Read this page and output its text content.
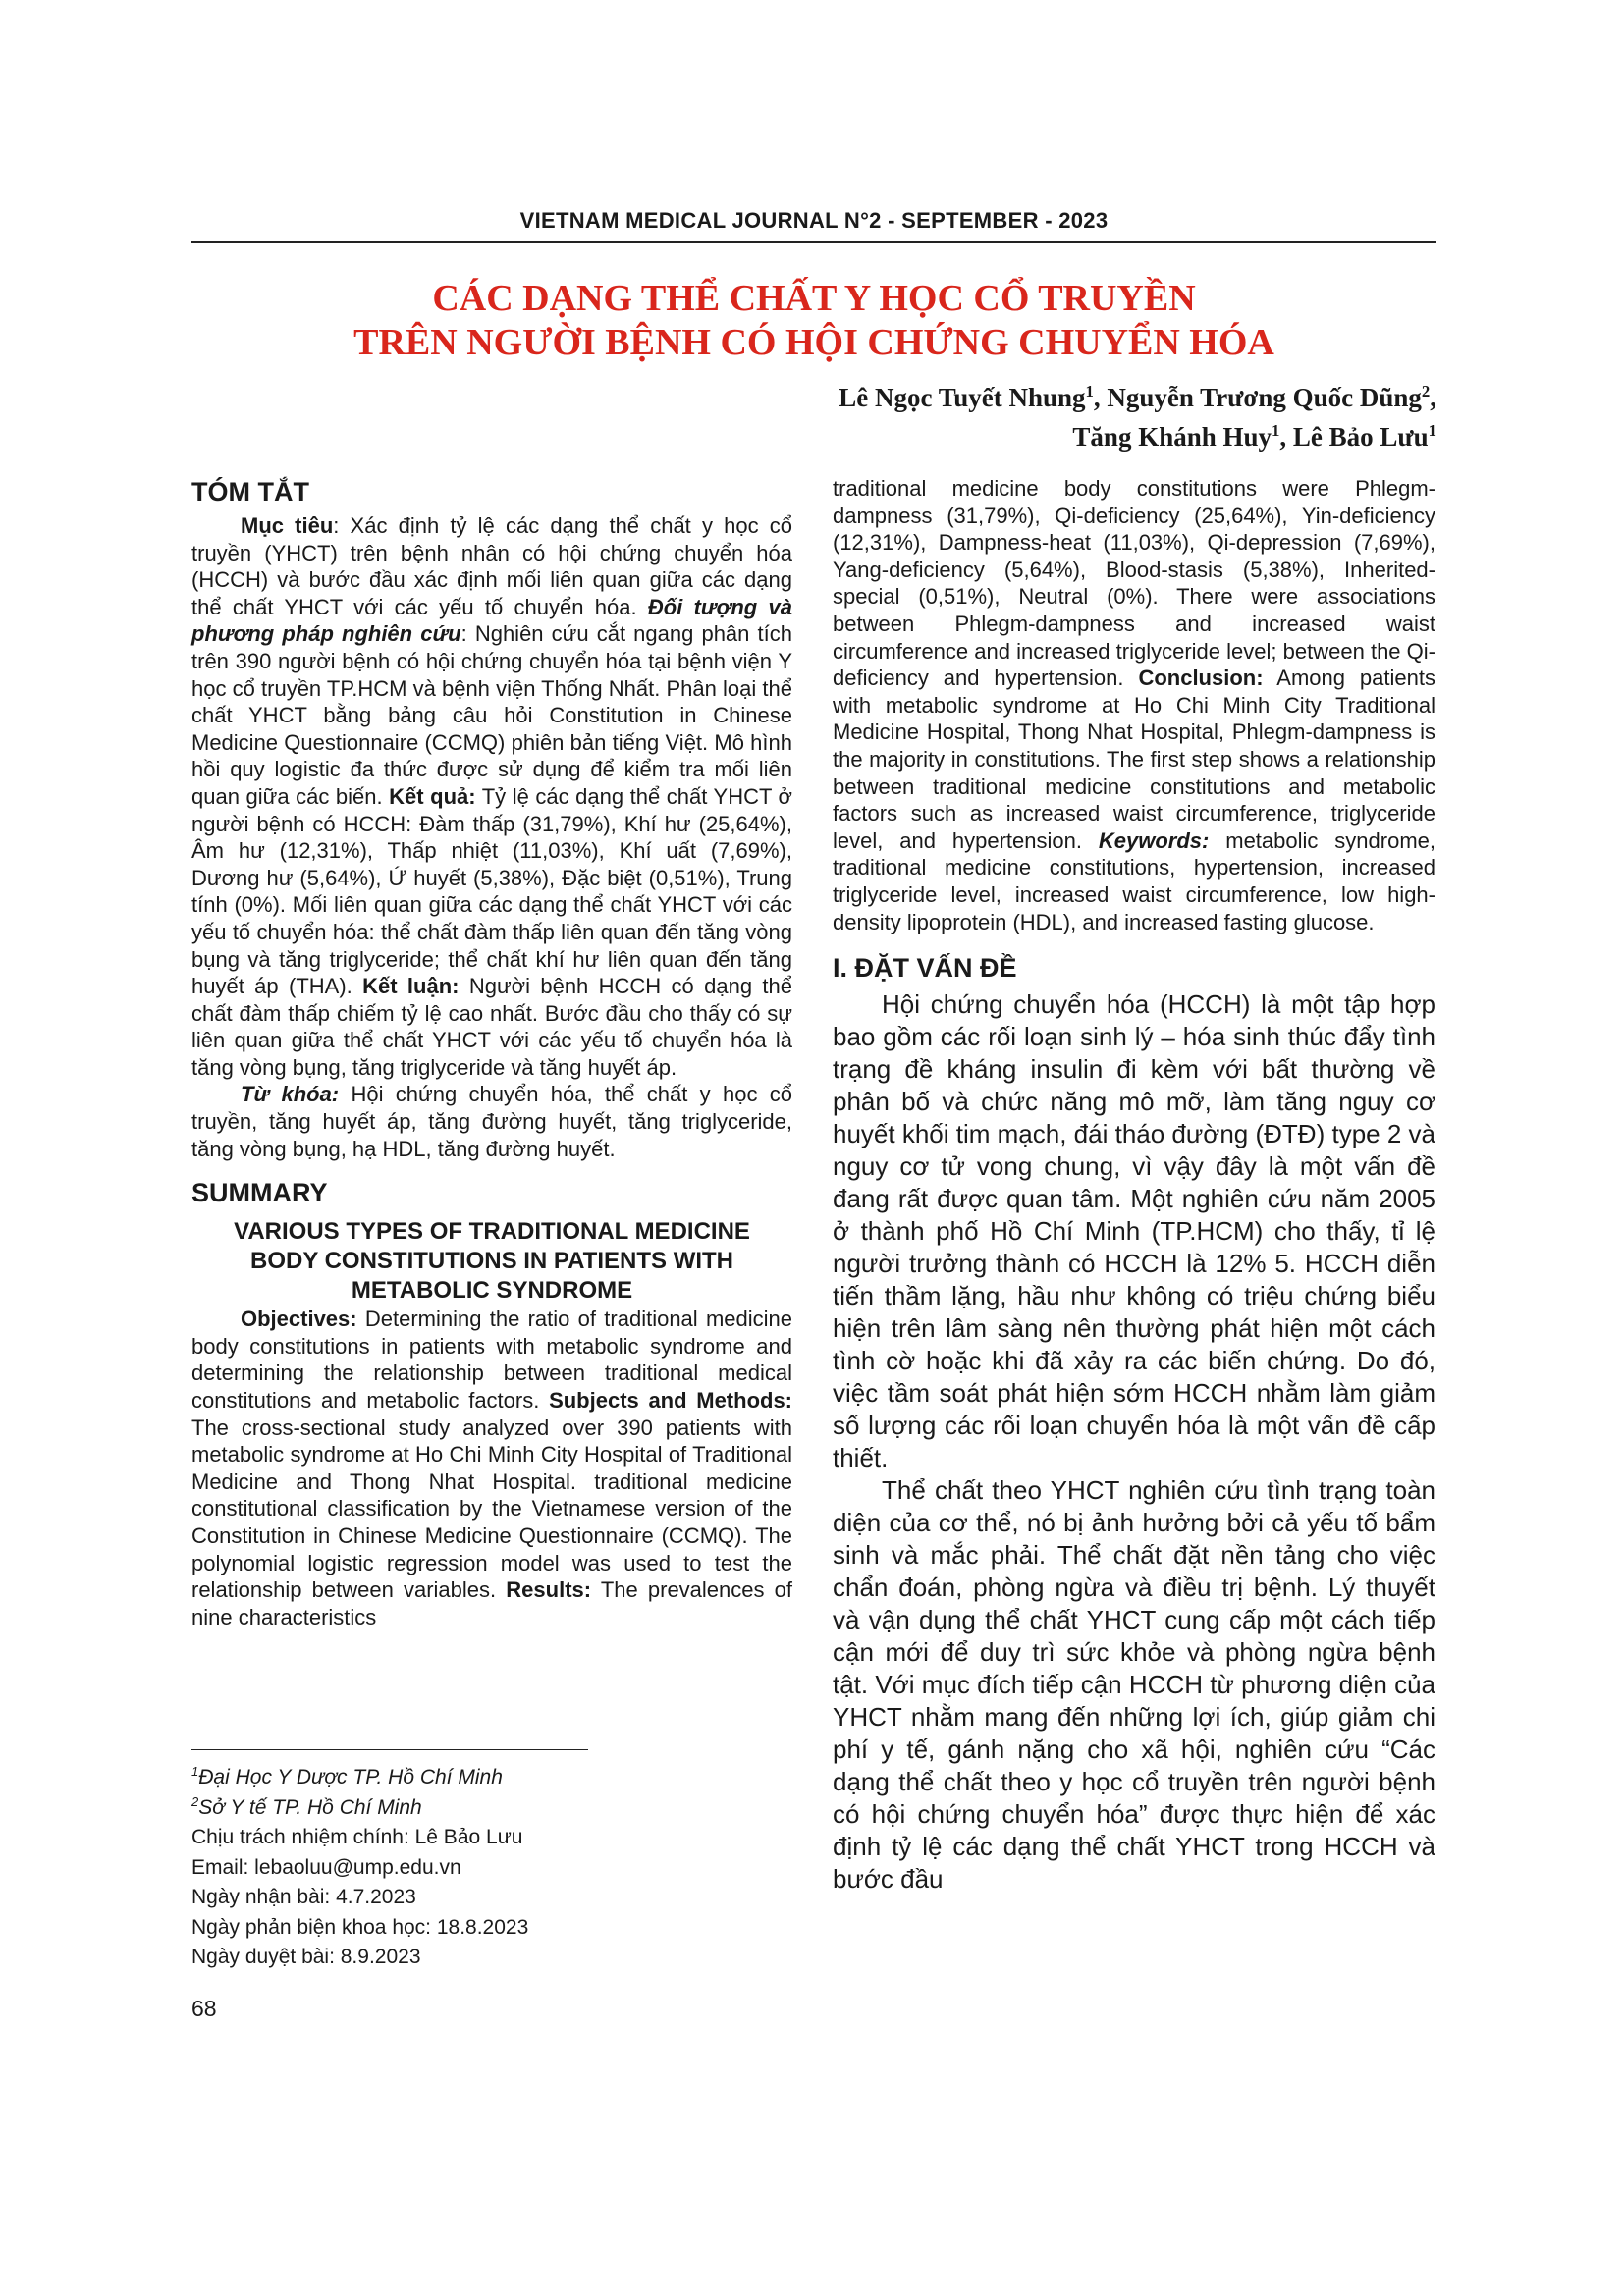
VIETNAM MEDICAL JOURNAL N°2 - SEPTEMBER - 2023
CÁC DẠNG THỂ CHẤT Y HỌC CỔ TRUYỀN
TRÊN NGƯỜI BỆNH CÓ HỘI CHỨNG CHUYỂN HÓA
Lê Ngọc Tuyết Nhung$^1$, Nguyễn Trương Quốc Dũng$^2$,
Tăng Khánh Huy$^1$, Lê Bảo Lưu$^1$
TÓM TẮT

Mục tiêu: Xác định tỷ lệ các dạng thể chất y học cổ truyền (YHCT) trên bệnh nhân có hội chứng chuyển hóa (HCCH) và bước đầu xác định mối liên quan giữa các dạng thể chất YHCT với các yếu tố chuyển hóa. Đối tượng và phương pháp nghiên cứu: Nghiên cứu cắt ngang phân tích trên 390 người bệnh có hội chứng chuyển hóa tại bệnh viện Y học cổ truyền TP.HCM và bệnh viện Thống Nhất. Phân loại thể chất YHCT bằng bảng câu hỏi Constitution in Chinese Medicine Questionnaire (CCMQ) phiên bản tiếng Việt. Mô hình hồi quy logistic đa thức được sử dụng để kiểm tra mối liên quan giữa các biến. Kết quả: Tỷ lệ các dạng thể chất YHCT ở người bệnh có HCCH: Đàm thấp (31,79%), Khí hư (25,64%), Âm hư (12,31%), Thấp nhiệt (11,03%), Khí uất (7,69%), Dương hư (5,64%), Ứ huyết (5,38%), Đặc biệt (0,51%), Trung tính (0%). Mối liên quan giữa các dạng thể chất YHCT với các yếu tố chuyển hóa: thể chất đàm thấp liên quan đến tăng vòng bụng và tăng triglyceride; thể chất khí hư liên quan đến tăng huyết áp (THA). Kết luận: Người bệnh HCCH có dạng thể chất đàm thấp chiếm tỷ lệ cao nhất. Bước đầu cho thấy có sự liên quan giữa thể chất YHCT với các yếu tố chuyển hóa là tăng vòng bụng, tăng triglyceride và tăng huyết áp.

Từ khóa: Hội chứng chuyển hóa, thể chất y học cổ truyền, tăng huyết áp, tăng đường huyết, tăng triglyceride, tăng vòng bụng, hạ HDL, tăng đường huyết.

SUMMARY
VARIOUS TYPES OF TRADITIONAL MEDICINE BODY CONSTITUTIONS IN PATIENTS WITH METABOLIC SYNDROME

Objectives: Determining the ratio of traditional medicine body constitutions in patients with metabolic syndrome and determining the relationship between traditional medical constitutions and metabolic factors. Subjects and Methods: The cross-sectional study analyzed over 390 patients with metabolic syndrome at Ho Chi Minh City Hospital of Traditional Medicine and Thong Nhat Hospital. traditional medicine constitutional classification by the Vietnamese version of the Constitution in Chinese Medicine Questionnaire (CCMQ). The polynomial logistic regression model was used to test the relationship between variables. Results: The prevalences of nine characteristics

$^1$Đại Học Y Dược TP. Hồ Chí Minh
$^2$Sở Y tế TP. Hồ Chí Minh
Chịu trách nhiệm chính: Lê Bảo Lưu
Email: lebaoluu@ump.edu.vn
Ngày nhận bài: 4.7.2023
Ngày phản biện khoa học: 18.8.2023
Ngày duyệt bài: 8.9.2023

traditional medicine body constitutions were Phlegm-dampness (31,79%), Qi-deficiency (25,64%), Yin-deficiency (12,31%), Dampness-heat (11,03%), Qi-depression (7,69%), Yang-deficiency (5,64%), Blood-stasis (5,38%), Inherited-special (0,51%), Neutral (0%). There were associations between Phlegm-dampness and increased waist circumference and increased triglyceride level; between the Qi-deficiency and hypertension. Conclusion: Among patients with metabolic syndrome at Ho Chi Minh City Traditional Medicine Hospital, Thong Nhat Hospital, Phlegm-dampness is the majority in constitutions. The first step shows a relationship between traditional medicine constitutions and metabolic factors such as increased waist circumference, triglyceride level, and hypertension. Keywords: metabolic syndrome, traditional medicine constitutions, hypertension, increased triglyceride level, increased waist circumference, low high-density lipoprotein (HDL), and increased fasting glucose.

I. ĐẶT VẤN ĐỀ

Hội chứng chuyển hóa (HCCH) là một tập hợp bao gồm các rối loạn sinh lý – hóa sinh thúc đẩy tình trạng đề kháng insulin đi kèm với bất thường về phân bố và chức năng mô mỡ, làm tăng nguy cơ huyết khối tim mạch, đái tháo đường (ĐTĐ) type 2 và nguy cơ tử vong chung, vì vậy đây là một vấn đề đang rất được quan tâm. Một nghiên cứu năm 2005 ở thành phố Hồ Chí Minh (TP.HCM) cho thấy, tỉ lệ người trưởng thành có HCCH là 12% 5. HCCH diễn tiến thầm lặng, hầu như không có triệu chứng biểu hiện trên lâm sàng nên thường phát hiện một cách tình cờ hoặc khi đã xảy ra các biến chứng. Do đó, việc tầm soát phát hiện sớm HCCH nhằm làm giảm số lượng các rối loạn chuyển hóa là một vấn đề cấp thiết.

Thể chất theo YHCT nghiên cứu tình trạng toàn diện của cơ thể, nó bị ảnh hưởng bởi cả yếu tố bẩm sinh và mắc phải. Thể chất đặt nền tảng cho việc chẩn đoán, phòng ngừa và điều trị bệnh. Lý thuyết và vận dụng thể chất YHCT cung cấp một cách tiếp cận mới để duy trì sức khỏe và phòng ngừa bệnh tật. Với mục đích tiếp cận HCCH từ phương diện của YHCT nhằm mang đến những lợi ích, giúp giảm chi phí y tế, gánh nặng cho xã hội, nghiên cứu “Các dạng thể chất theo y học cổ truyền trên người bệnh có hội chứng chuyển hóa” được thực hiện để xác định tỷ lệ các dạng thể chất YHCT trong HCCH và bước đầu

68
